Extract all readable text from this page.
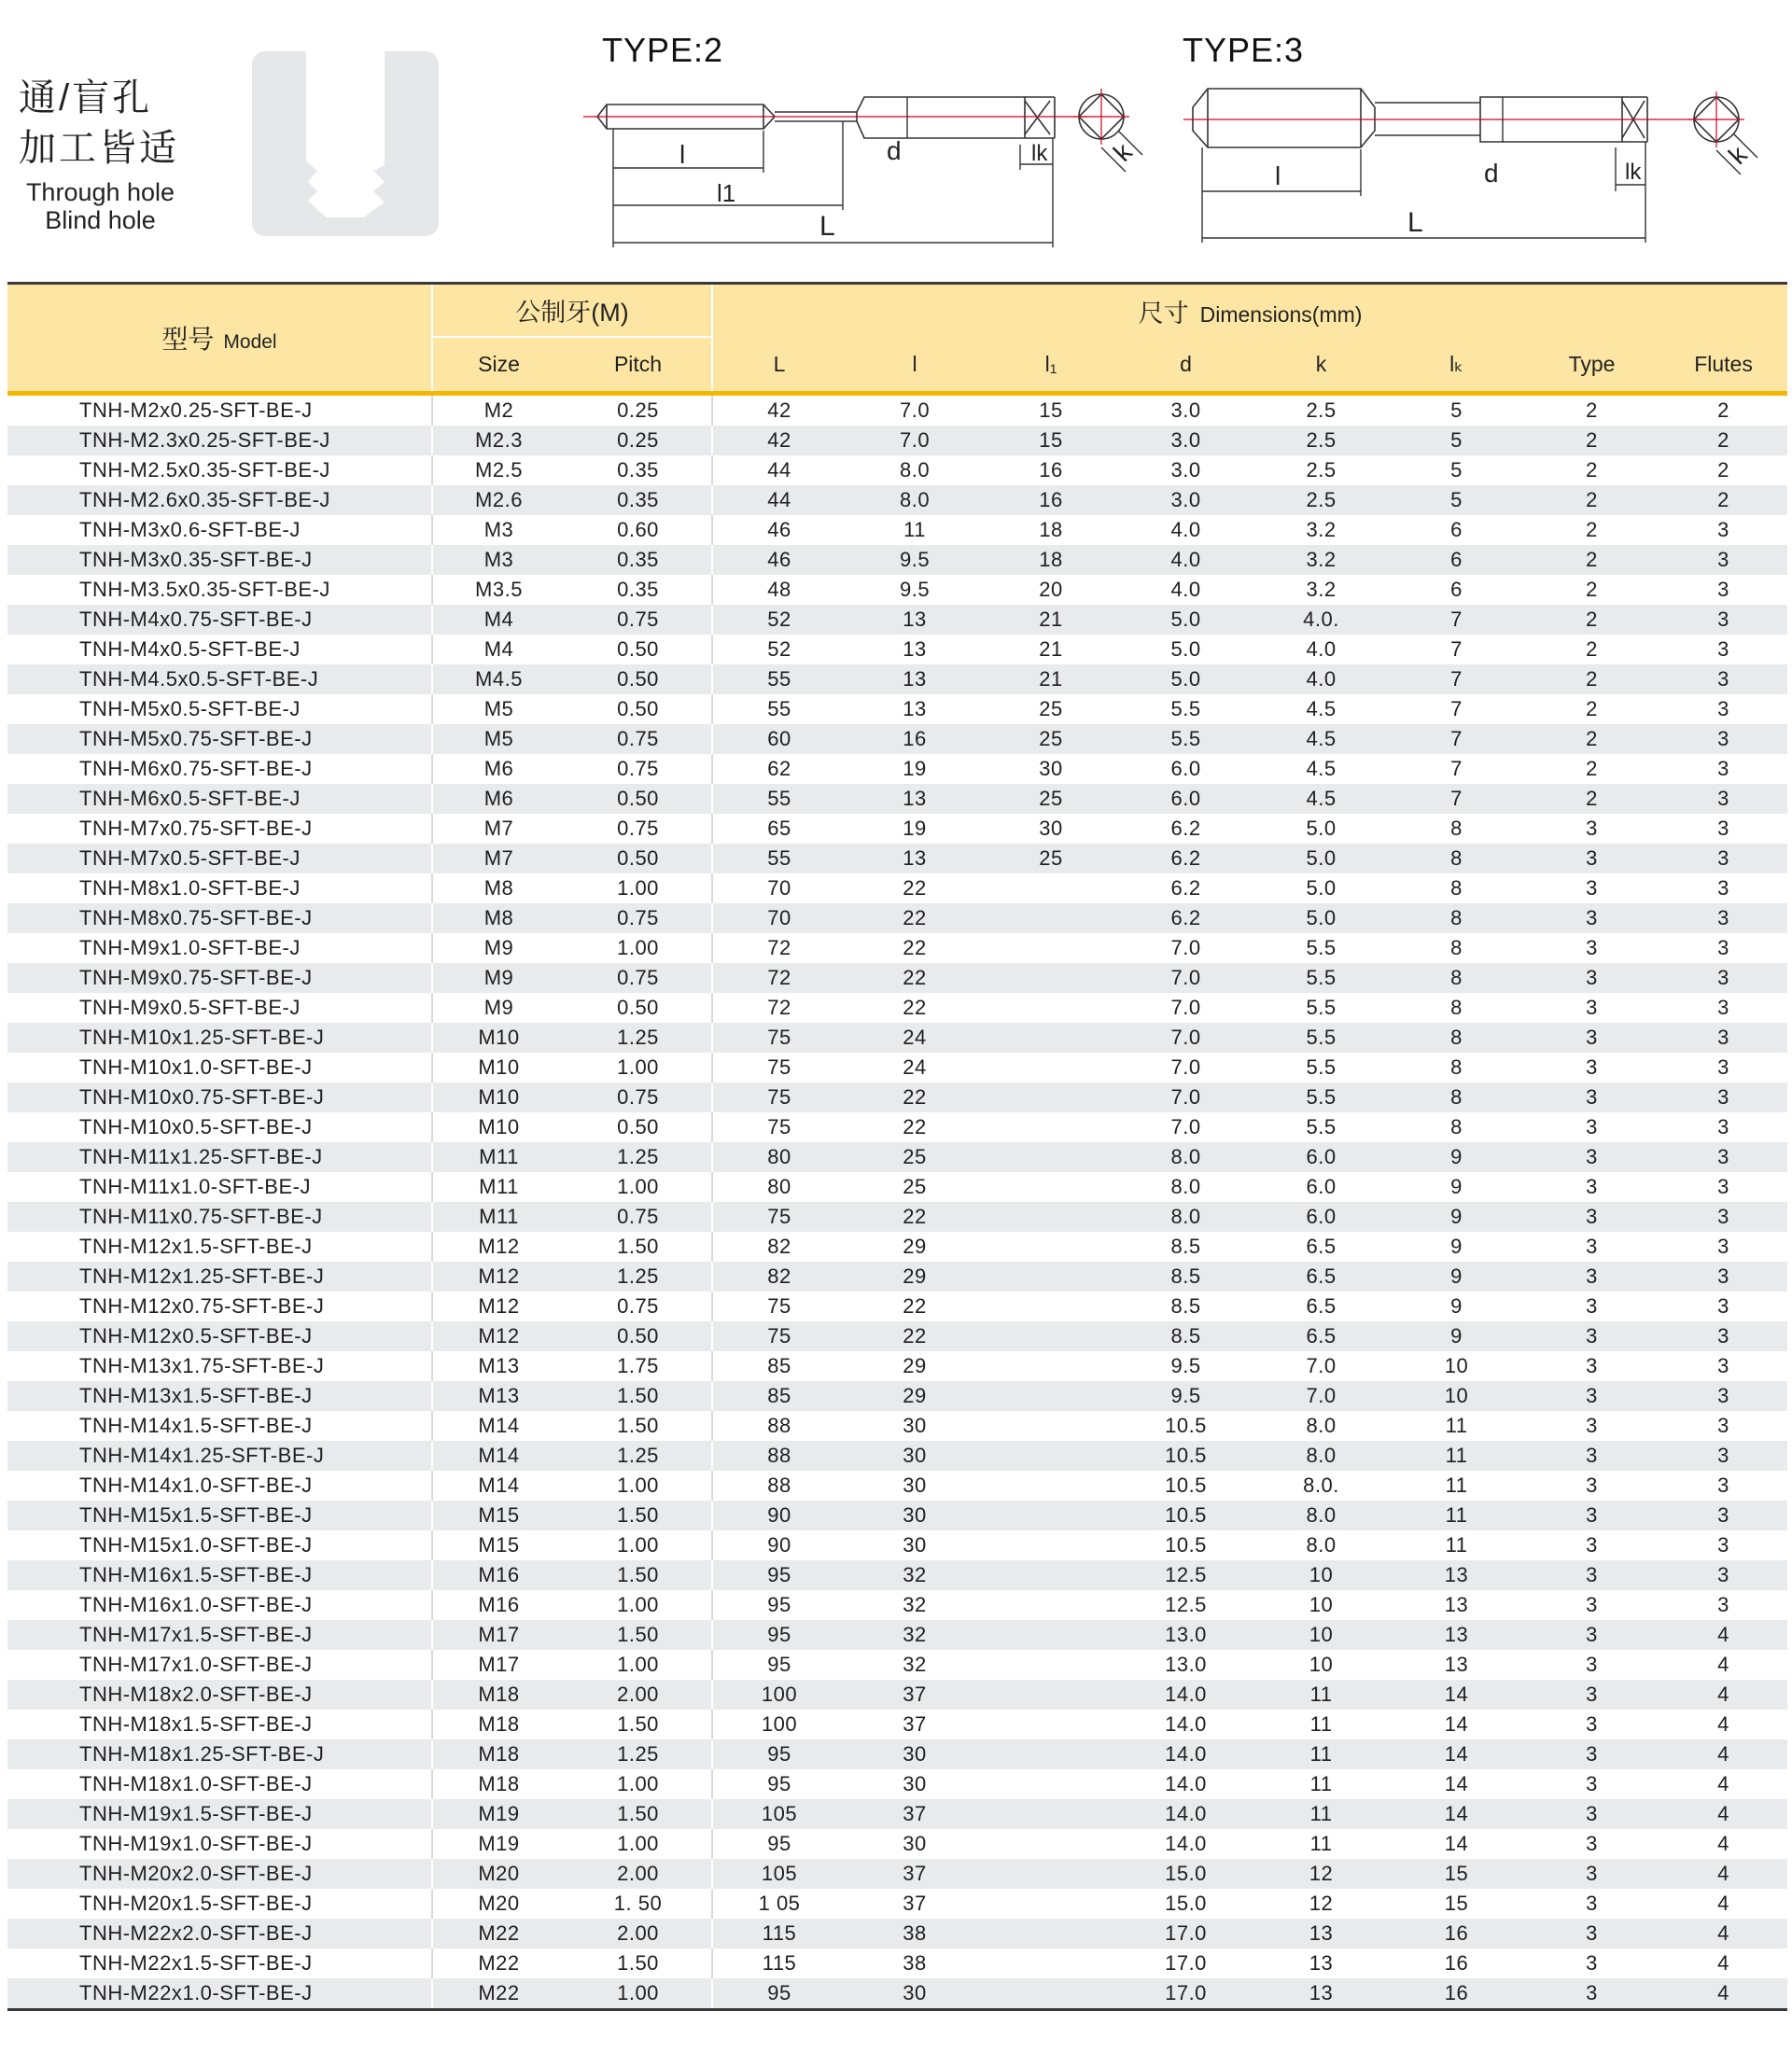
通/盲孔
加工皆适
Through hole
Blind hole
TYPE:2	TYPE:3
l
l1
L
d	lk k
l
L
d	lk
k
型号 Model	公制牙(M)		尺寸 Dimensions(mm)							
	Size	Pitch	L	l	l₁	d	k	lₖ	Type	Flutes

TNH-M2x0.25-SFT-BE-J	M2	0.25	42	7.0	15	3.0	2.5	5	2	2
TNH-M2.3x0.25-SFT-BE-J	M2.3	0.25	42	7.0	15	3.0	2.5	5	2	2
TNH-M2.5x0.35-SFT-BE-J	M2.5	0.35	44	8.0	16	3.0	2.5	5	2	2
TNH-M2.6x0.35-SFT-BE-J	M2.6	0.35	44	8.0	16	3.0	2.5	5	2	2
TNH-M3x0.6-SFT-BE-J	M3	0.60	46	11	18	4.0	3.2	6	2	3
TNH-M3x0.35-SFT-BE-J	M3	0.35	46	9.5	18	4.0	3.2	6	2	3
TNH-M3.5x0.35-SFT-BE-J	M3.5	0.35	48	9.5	20	4.0	3.2	6	2	3
TNH-M4x0.75-SFT-BE-J	M4	0.75	52	13	21	5.0	4.0.	7	2	3
TNH-M4x0.5-SFT-BE-J	M4	0.50	52	13	21	5.0	4.0	7	2	3
TNH-M4.5x0.5-SFT-BE-J	M4.5	0.50	55	13	21	5.0	4.0	7	2	3
TNH-M5x0.5-SFT-BE-J	M5	0.50	55	13	25	5.5	4.5	7	2	3
TNH-M5x0.75-SFT-BE-J	M5	0.75	60	16	25	5.5	4.5	7	2	3
TNH-M6x0.75-SFT-BE-J	M6	0.75	62	19	30	6.0	4.5	7	2	3
TNH-M6x0.5-SFT-BE-J	M6	0.50	55	13	25	6.0	4.5	7	2	3
TNH-M7x0.75-SFT-BE-J	M7	0.75	65	19	30	6.2	5.0	8	3	3
TNH-M7x0.5-SFT-BE-J	M7	0.50	55	13	25	6.2	5.0	8	3	3
TNH-M8x1.0-SFT-BE-J	M8	1.00	70	22		6.2	5.0	8	3	3
TNH-M8x0.75-SFT-BE-J	M8	0.75	70	22		6.2	5.0	8	3	3
TNH-M9x1.0-SFT-BE-J	M9	1.00	72	22		7.0	5.5	8	3	3
TNH-M9x0.75-SFT-BE-J	M9	0.75	72	22		7.0	5.5	8	3	3
TNH-M9x0.5-SFT-BE-J	M9	0.50	72	22		7.0	5.5	8	3	3
TNH-M10x1.25-SFT-BE-J	M10	1.25	75	24		7.0	5.5	8	3	3
TNH-M10x1.0-SFT-BE-J	M10	1.00	75	24		7.0	5.5	8	3	3
TNH-M10x0.75-SFT-BE-J	M10	0.75	75	22		7.0	5.5	8	3	3
TNH-M10x0.5-SFT-BE-J	M10	0.50	75	22		7.0	5.5	8	3	3
TNH-M11x1.25-SFT-BE-J	M11	1.25	80	25		8.0	6.0	9	3	3
TNH-M11x1.0-SFT-BE-J	M11	1.00	80	25		8.0	6.0	9	3	3
TNH-M11x0.75-SFT-BE-J	M11	0.75	75	22		8.0	6.0	9	3	3
TNH-M12x1.5-SFT-BE-J	M12	1.50	82	29		8.5	6.5	9	3	3
TNH-M12x1.25-SFT-BE-J	M12	1.25	82	29		8.5	6.5	9	3	3
TNH-M12x0.75-SFT-BE-J	M12	0.75	75	22		8.5	6.5	9	3	3
TNH-M12x0.5-SFT-BE-J	M12	0.50	75	22		8.5	6.5	9	3	3
TNH-M13x1.75-SFT-BE-J	M13	1.75	85	29		9.5	7.0	10	3	3
TNH-M13x1.5-SFT-BE-J	M13	1.50	85	29		9.5	7.0	10	3	3
TNH-M14x1.5-SFT-BE-J	M14	1.50	88	30		10.5	8.0	11	3	3
TNH-M14x1.25-SFT-BE-J	M14	1.25	88	30		10.5	8.0	11	3	3
TNH-M14x1.0-SFT-BE-J	M14	1.00	88	30		10.5	8.0.	11	3	3
TNH-M15x1.5-SFT-BE-J	M15	1.50	90	30		10.5	8.0	11	3	3
TNH-M15x1.0-SFT-BE-J	M15	1.00	90	30		10.5	8.0	11	3	3
TNH-M16x1.5-SFT-BE-J	M16	1.50	95	32		12.5	10	13	3	3
TNH-M16x1.0-SFT-BE-J	M16	1.00	95	32		12.5	10	13	3	3
TNH-M17x1.5-SFT-BE-J	M17	1.50	95	32		13.0	10	13	3	4
TNH-M17x1.0-SFT-BE-J	M17	1.00	95	32		13.0	10	13	3	4
TNH-M18x2.0-SFT-BE-J	M18	2.00	100	37		14.0	11	14	3	4
TNH-M18x1.5-SFT-BE-J	M18	1.50	100	37		14.0	11	14	3	4
TNH-M18x1.25-SFT-BE-J	M18	1.25	95	30		14.0	11	14	3	4
TNH-M18x1.0-SFT-BE-J	M18	1.00	95	30		14.0	11	14	3	4
TNH-M19x1.5-SFT-BE-J	M19	1.50	105	37		14.0	11	14	3	4
TNH-M19x1.0-SFT-BE-J	M19	1.00	95	30		14.0	11	14	3	4
TNH-M20x2.0-SFT-BE-J	M20	2.00	105	37		15.0	12	15	3	4
TNH-M20x1.5-SFT-BE-J	M20	1. 50	1 05	37		15.0	12	15	3	4
TNH-M22x2.0-SFT-BE-J	M22	2.00	115	38		17.0	13	16	3	4
TNH-M22x1.5-SFT-BE-J	M22	1.50	115	38		17.0	13	16	3	4
TNH-M22x1.0-SFT-BE-J	M22	1.00	95	30		17.0	13	16	3	4
